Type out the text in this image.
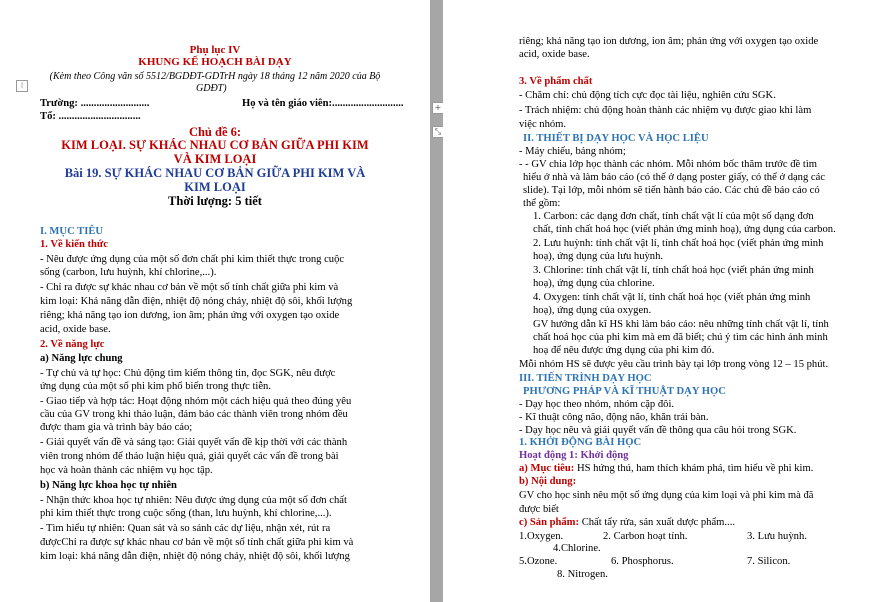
⁝
Phụ lục IV
KHUNG KẾ HOẠCH BÀI DẠY
(Kèm theo Công văn số 5512/BGDĐT-GDTrH ngày 18 tháng 12 năm 2020 của Bộ
GDĐT)
Trường: ..........................	Họ và tên giáo viên:...........................
Tổ: ...............................
Chủ đề 6:
KIM LOẠI. SỰ KHÁC NHAU CƠ BẢN GIỮA PHI KIM
VÀ KIM LOẠI
Bài 19. SỰ KHÁC NHAU CƠ BẢN GIỮA PHI KIM VÀ
KIM LOẠI
Thời lượng: 5 tiết
I. MỤC TIÊU
1. Về kiến thức
- Nêu được ứng dụng của một số đơn chất phi kim thiết thực trong cuộc
sống (carbon, lưu huỳnh, khí chlorine,...).
- Chỉ ra được sự khác nhau cơ bản về một số tính chất giữa phi kim và
kim loại: Khả năng dẫn điện, nhiệt độ nóng chảy, nhiệt độ sôi, khối lượng
riêng; khả năng tạo ion dương, ion âm; phản ứng với oxygen tạo oxide
acid, oxide base.
2. Về năng lực
a) Năng lực chung
- Tự chủ và tự học: Chủ động tìm kiếm thông tin, đọc SGK, nêu được
ứng dụng của một số phi kim phổ biến trong thực tiễn.
- Giao tiếp và hợp tác: Hoạt động nhóm một cách hiệu quả theo đúng yêu
cầu của GV trong khi thảo luận, đảm bảo các thành viên trong nhóm đều
được tham gia và trình bày báo cáo;
- Giải quyết vấn đề và sáng tạo: Giải quyết vấn đề kịp thời với các thành
viên trong nhóm để thảo luận hiệu quả, giải quyết các vấn đề trong bài
học và hoàn thành các nhiệm vụ học tập.
b) Năng lực khoa học tự nhiên
- Nhận thức khoa học tự nhiên: Nêu được ứng dụng của một số đơn chất
phi kim thiết thực trong cuộc sống (than, lưu huỳnh, khí chlorine,...).
- Tìm hiểu tự nhiên: Quan sát và so sánh các dự liệu, nhận xét, rút ra
đượcChỉ ra được sự khác nhau cơ bản về một số tính chất giữa phi kim và
kim loại: khả năng dẫn điện, nhiệt độ nóng chảy, nhiệt độ sôi, khối lượng
+
⤡
riêng; khả năng tạo ion dương, ion âm; phản ứng với oxygen tạo oxide
acid, oxide base.
3. Về phẩm chất
- Chăm chỉ: chủ động tích cực đọc tài liệu, nghiên cứu SGK.
- Trách nhiệm: chủ động hoàn thành các nhiệm vụ được giao khi làm
việc nhóm.
II. THIẾT BỊ DẠY HỌC VÀ HỌC LIỆU
- Máy chiếu, bảng nhóm;
- - GV chia lớp học thành các nhóm. Mỗi nhóm bốc thăm trước đề tìm
hiểu ở nhà và làm báo cáo (có thể ở dạng poster giấy, có thể ở dạng các
slide). Tại lớp, mỗi nhóm sẽ tiến hành báo cáo. Các chủ đề báo cáo có
thể gồm:
1. Carbon: các dạng đơn chất, tính chất vật lí của một số dạng đơn
chất, tính chất hoá học (viết phản ứng minh hoạ), ứng dụng của carbon.
2. Lưu huỳnh: tính chất vật lí, tính chất hoá học (viết phản ứng minh
hoạ), ứng dụng của lưu huỳnh.
3. Chlorine: tính chất vật lí, tính chất hoá học (viết phản ứng minh
hoạ), ứng dụng của chlorine.
4. Oxygen: tính chất vật lí, tính chất hoá học (viết phản ứng minh
hoạ), ứng dụng của oxygen.
GV hướng dẫn kĩ HS khi làm báo cáo: nêu những tính chất vật lí, tính
chất hoá học của phi kim mà em đã biết; chú ý tìm các hình ảnh minh
hoạ để nêu được ứng dụng của phi kim đó.
Mỗi nhóm HS sẽ được yêu cầu trình bày tại lớp trong vòng 12 – 15 phút.
III. TIẾN TRÌNH DẠY HỌC
PHƯƠNG PHÁP VÀ KĨ THUẬT DẠY HỌC
- Dạy học theo nhóm, nhóm cặp đôi.
- Kĩ thuật công não, động não, khăn trải bàn.
- Dạy học nêu và giải quyết vấn đề thông qua câu hỏi trong SGK.
1. KHỞI ĐỘNG BÀI HỌC
Hoạt động 1: Khởi động
a) Mục tiêu: HS hứng thú, ham thích khám phá, tìm hiểu về phi kim.
b) Nội dung:
GV cho học sinh nêu một số ứng dụng của kim loại và phi kim mà đã
được biết
c) Sản phẩm: Chất tẩy rửa, sản xuất dược phẩm....
1.Oxygen.	2. Carbon hoạt tính.	3. Lưu huỳnh.
4.Chlorine.
5.Ozone.	6. Phosphorus.	7. Silicon.
8. Nitrogen.
